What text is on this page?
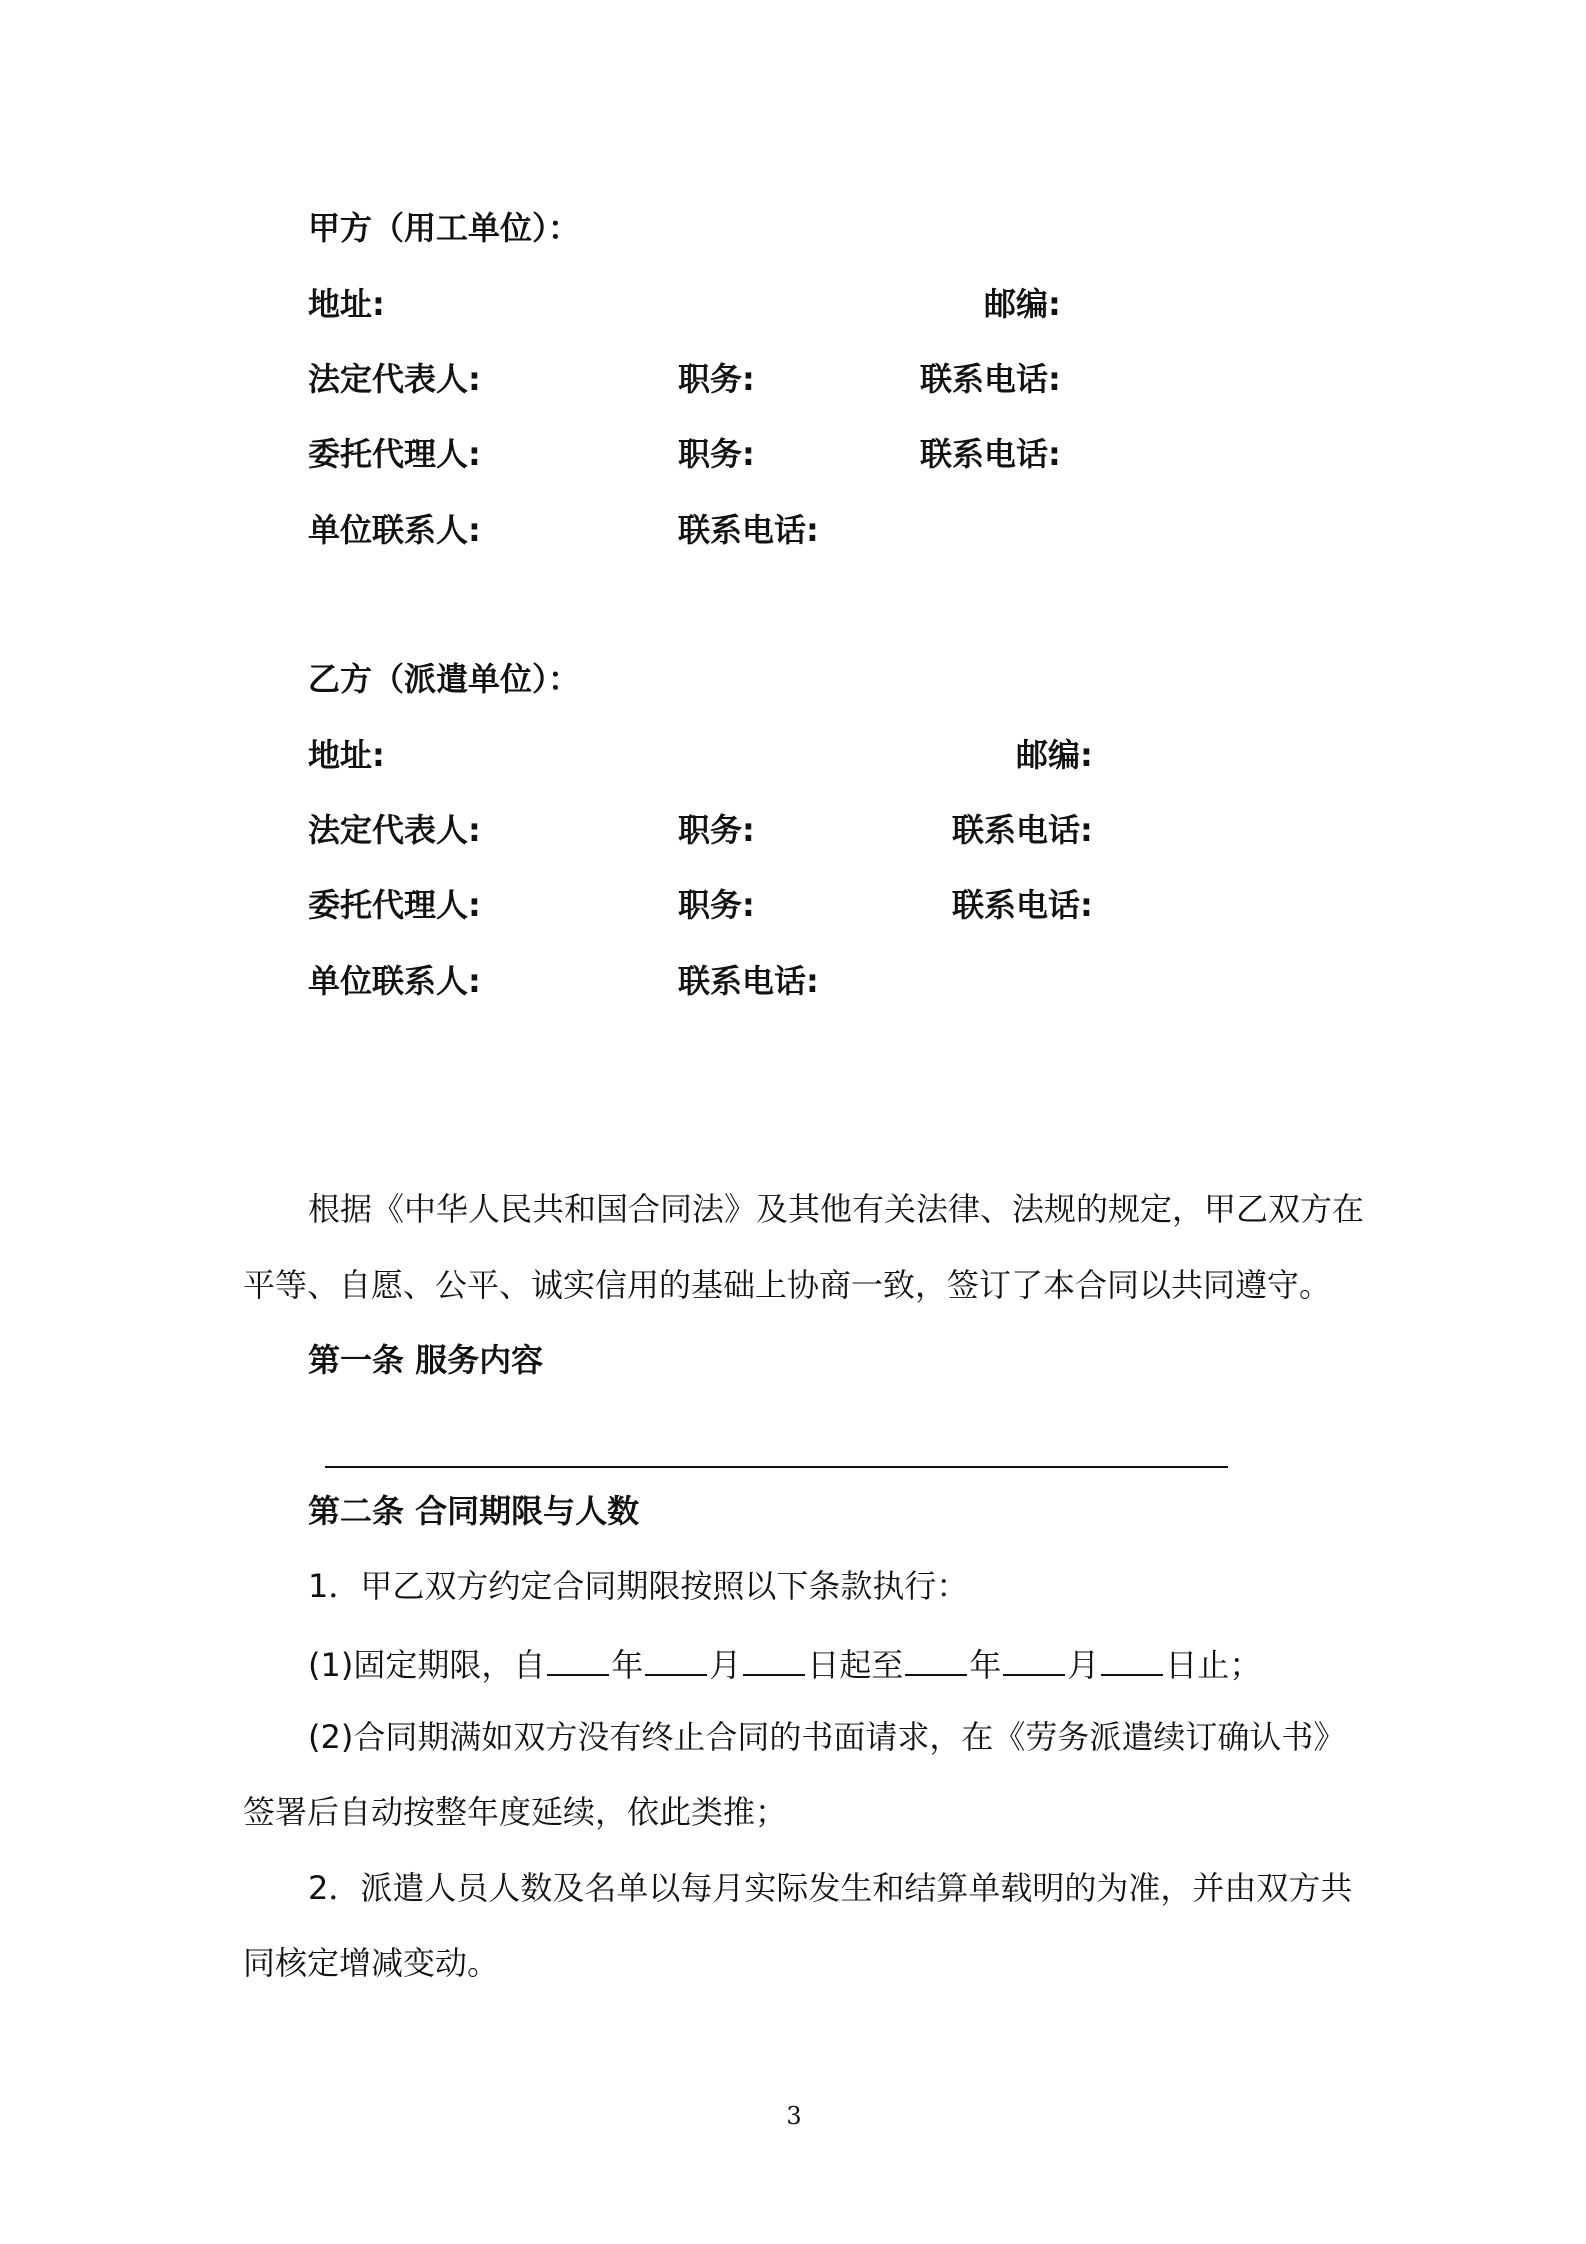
甲方（用工单位）：
地址:	邮编:
法定代表人:	职务:	联系电话:
委托代理人:	职务:	联系电话:
单位联系人:	联系电话:
乙方（派遣单位）：
地址:	邮编:
法定代表人:	职务:	联系电话:
委托代理人:	职务:	联系电话:
单位联系人:	联系电话:
根据《中华人民共和国合同法》及其他有关法律、法规的规定，甲乙双方在
平等、自愿、公平、诚实信用的基础上协商一致，签订了本合同以共同遵守。
第一条 服务内容
第二条 合同期限与人数
1．甲乙双方约定合同期限按照以下条款执行：
(1)固定期限，自 年 月 日起至 年 月 日止；
(2)合同期满如双方没有终止合同的书面请求，在《劳务派遣续订确认书》
签署后自动按整年度延续，依此类推；
2．派遣人员人数及名单以每月实际发生和结算单载明的为准，并由双方共
同核定增减变动。
3
